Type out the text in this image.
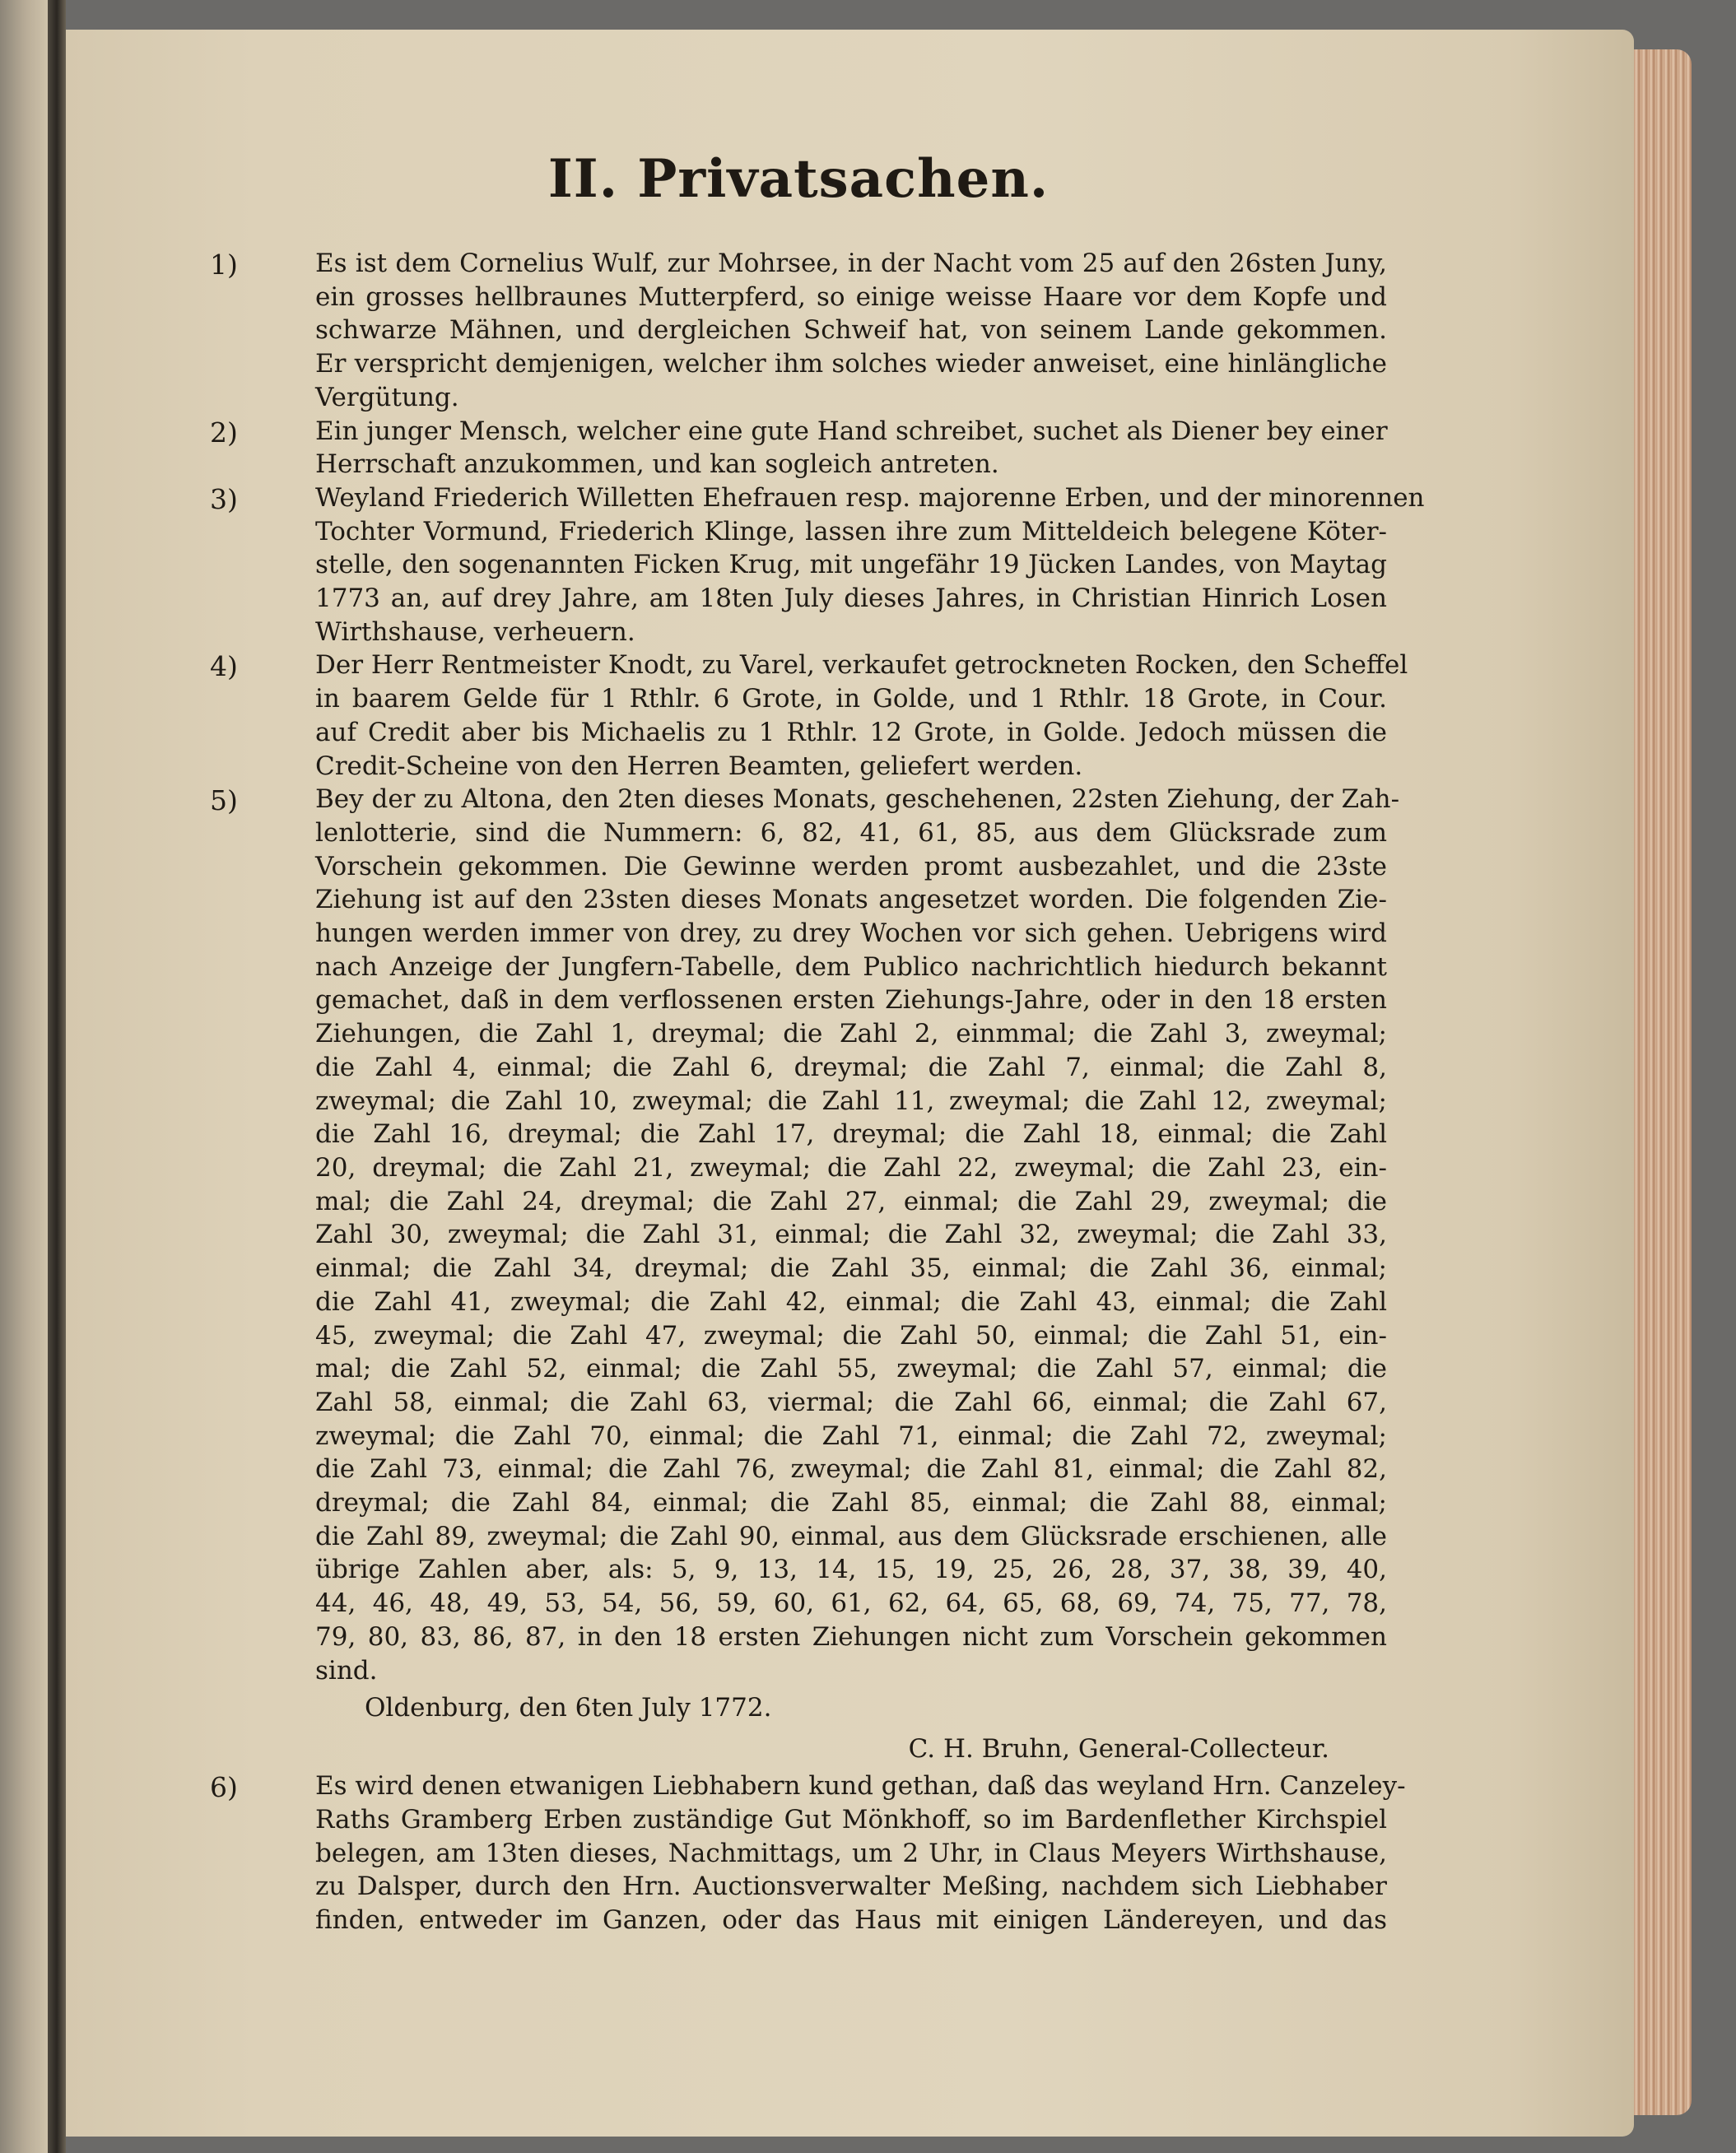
II. Privatsachen.
1)	Es ist dem Cornelius Wulf, zur Mohrsee, in der Nacht vom 25 auf den 26sten Juny,
ein grosses hellbraunes Mutterpferd, so einige weisse Haare vor dem Kopfe und
schwarze Mähnen, und dergleichen Schweif hat, von seinem Lande gekommen.
Er verspricht demjenigen, welcher ihm solches wieder anweiset, eine hinlängliche
Vergütung.
2)	Ein junger Mensch, welcher eine gute Hand schreibet, suchet als Diener bey einer
Herrschaft anzukommen, und kan sogleich antreten.
3)	Weyland Friederich Willetten Ehefrauen resp. majorenne Erben, und der minorennen
Tochter Vormund, Friederich Klinge, lassen ihre zum Mitteldeich belegene Köter-
stelle, den sogenannten Ficken Krug, mit ungefähr 19 Jücken Landes, von Maytag
1773 an, auf drey Jahre, am 18ten July dieses Jahres, in Christian Hinrich Losen
Wirthshause, verheuern.
4)	Der Herr Rentmeister Knodt, zu Varel, verkaufet getrockneten Rocken, den Scheffel
in baarem Gelde für 1 Rthlr. 6 Grote, in Golde, und 1 Rthlr. 18 Grote, in Cour.
auf Credit aber bis Michaelis zu 1 Rthlr. 12 Grote, in Golde. Jedoch müssen die
Credit-Scheine von den Herren Beamten, geliefert werden.
5)	Bey der zu Altona, den 2ten dieses Monats, geschehenen, 22sten Ziehung, der Zah-
lenlotterie, sind die Nummern: 6, 82, 41, 61, 85, aus dem Glücksrade zum
Vorschein gekommen. Die Gewinne werden promt ausbezahlet, und die 23ste
Ziehung ist auf den 23sten dieses Monats angesetzet worden. Die folgenden Zie-
hungen werden immer von drey, zu drey Wochen vor sich gehen. Uebrigens wird
nach Anzeige der Jungfern-Tabelle, dem Publico nachrichtlich hiedurch bekannt
gemachet, daß in dem verflossenen ersten Ziehungs-Jahre, oder in den 18 ersten
Ziehungen, die Zahl 1, dreymal; die Zahl 2, einmmal; die Zahl 3, zweymal;
die Zahl 4, einmal; die Zahl 6, dreymal; die Zahl 7, einmal; die Zahl 8,
zweymal; die Zahl 10, zweymal; die Zahl 11, zweymal; die Zahl 12, zweymal;
die Zahl 16, dreymal; die Zahl 17, dreymal; die Zahl 18, einmal; die Zahl
20, dreymal; die Zahl 21, zweymal; die Zahl 22, zweymal; die Zahl 23, ein-
mal; die Zahl 24, dreymal; die Zahl 27, einmal; die Zahl 29, zweymal; die
Zahl 30, zweymal; die Zahl 31, einmal; die Zahl 32, zweymal; die Zahl 33,
einmal; die Zahl 34, dreymal; die Zahl 35, einmal; die Zahl 36, einmal;
die Zahl 41, zweymal; die Zahl 42, einmal; die Zahl 43, einmal; die Zahl
45, zweymal; die Zahl 47, zweymal; die Zahl 50, einmal; die Zahl 51, ein-
mal; die Zahl 52, einmal; die Zahl 55, zweymal; die Zahl 57, einmal; die
Zahl 58, einmal; die Zahl 63, viermal; die Zahl 66, einmal; die Zahl 67,
zweymal; die Zahl 70, einmal; die Zahl 71, einmal; die Zahl 72, zweymal;
die Zahl 73, einmal; die Zahl 76, zweymal; die Zahl 81, einmal; die Zahl 82,
dreymal; die Zahl 84, einmal; die Zahl 85, einmal; die Zahl 88, einmal;
die Zahl 89, zweymal; die Zahl 90, einmal, aus dem Glücksrade erschienen, alle
übrige Zahlen aber, als: 5, 9, 13, 14, 15, 19, 25, 26, 28, 37, 38, 39, 40,
44, 46, 48, 49, 53, 54, 56, 59, 60, 61, 62, 64, 65, 68, 69, 74, 75, 77, 78,
79, 80, 83, 86, 87, in den 18 ersten Ziehungen nicht zum Vorschein gekommen
sind.
Oldenburg, den 6ten July 1772.
C. H. Bruhn, General-Collecteur.
6)	Es wird denen etwanigen Liebhabern kund gethan, daß das weyland Hrn. Canzeley-
Raths Gramberg Erben zuständige Gut Mönkhoff, so im Bardenflether Kirchspiel
belegen, am 13ten dieses, Nachmittags, um 2 Uhr, in Claus Meyers Wirthshause,
zu Dalsper, durch den Hrn. Auctionsverwalter Meßing, nachdem sich Liebhaber
finden, entweder im Ganzen, oder das Haus mit einigen Ländereyen, und das
